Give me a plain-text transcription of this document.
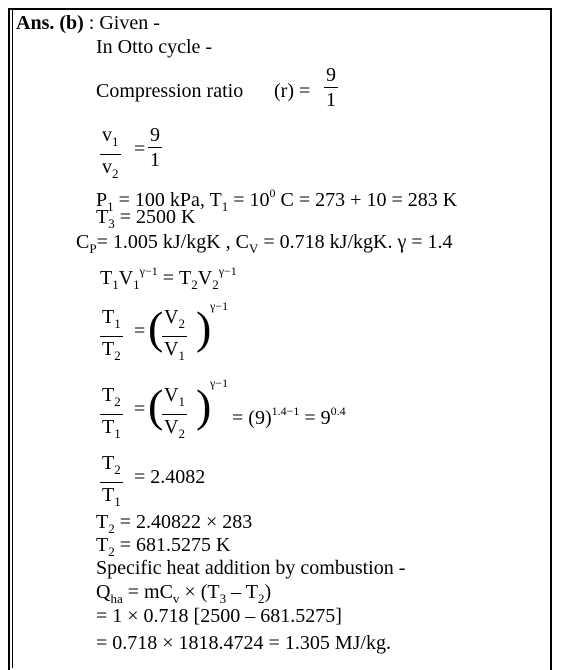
Ans. (b) : Given -
In Otto cycle -
Compression ratio (r) =
9
1
$v_1$
$v_2$
=
9
1
$P_1 = 100$ kPa, $T_1 = 10^0$ C = 273 + 10 = 283 K
$T_3 = 2500$ K
$C_P= 1.005$ kJ/kgK , $C_V = 0.718$ kJ/kgK. γ = 1.4
$T_1V_1^{\gamma-1} = T_2V_2^{\gamma-1}$
$T_1$
$T_2$
= ( $V_2$
$V_1$
)
γ−1
$T_2$
$T_1$
= ( $V_1$
$V_2$
)
γ−1
= $(9)^{1.4-1} = 9^{0.4}$
$T_2$
$T_1$
= 2.4082
$T_2 = 2.40822 \times 283$
$T_2 = 681.5275$ K
Specific heat addition by combustion -
$Q_{ha} = mC_v \times (T_3 - T_2)$
= 1 × 0.718 [2500 – 681.5275]
= 0.718 × 1818.4724 = 1.305 MJ/kg.
